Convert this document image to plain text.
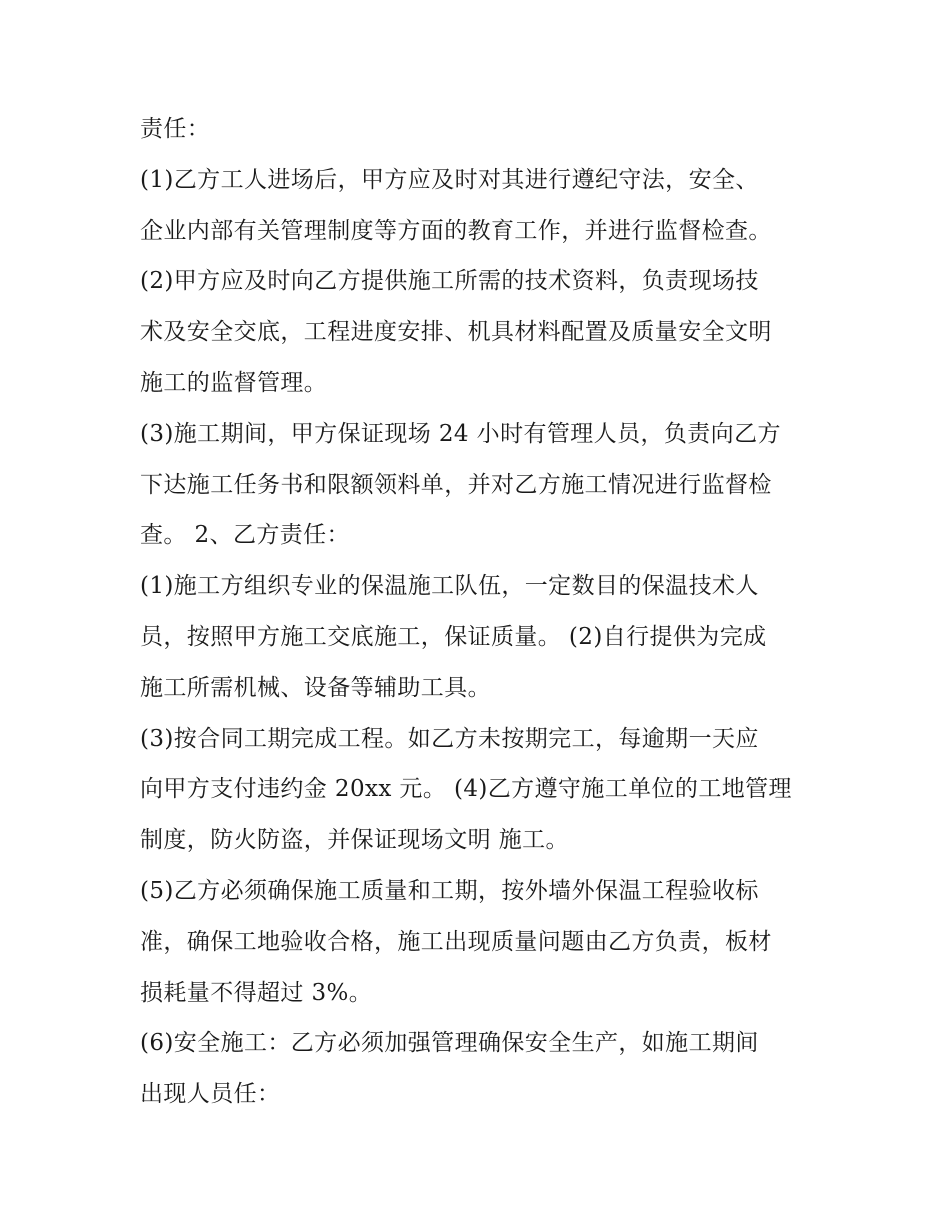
责任：
(1)乙方工人进场后，甲方应及时对其进行遵纪守法，安全、
企业内部有关管理制度等方面的教育工作，并进行监督检查。
(2)甲方应及时向乙方提供施工所需的技术资料，负责现场技
术及安全交底，工程进度安排、机具材料配置及质量安全文明
施工的监督管理。
(3)施工期间，甲方保证现场 24 小时有管理人员，负责向乙方
下达施工任务书和限额领料单，并对乙方施工情况进行监督检
查。 2、乙方责任：
(1)施工方组织专业的保温施工队伍，一定数目的保温技术人
员，按照甲方施工交底施工，保证质量。 (2)自行提供为完成
施工所需机械、设备等辅助工具。
(3)按合同工期完成工程。如乙方未按期完工，每逾期一天应
向甲方支付违约金 20xx 元。 (4)乙方遵守施工单位的工地管理
制度，防火防盗，并保证现场文明 施工。
(5)乙方必须确保施工质量和工期，按外墙外保温工程验收标
准，确保工地验收合格，施工出现质量问题由乙方负责，板材
损耗量不得超过 3%。
(6)安全施工：乙方必须加强管理确保安全生产，如施工期间
出现人员任：
